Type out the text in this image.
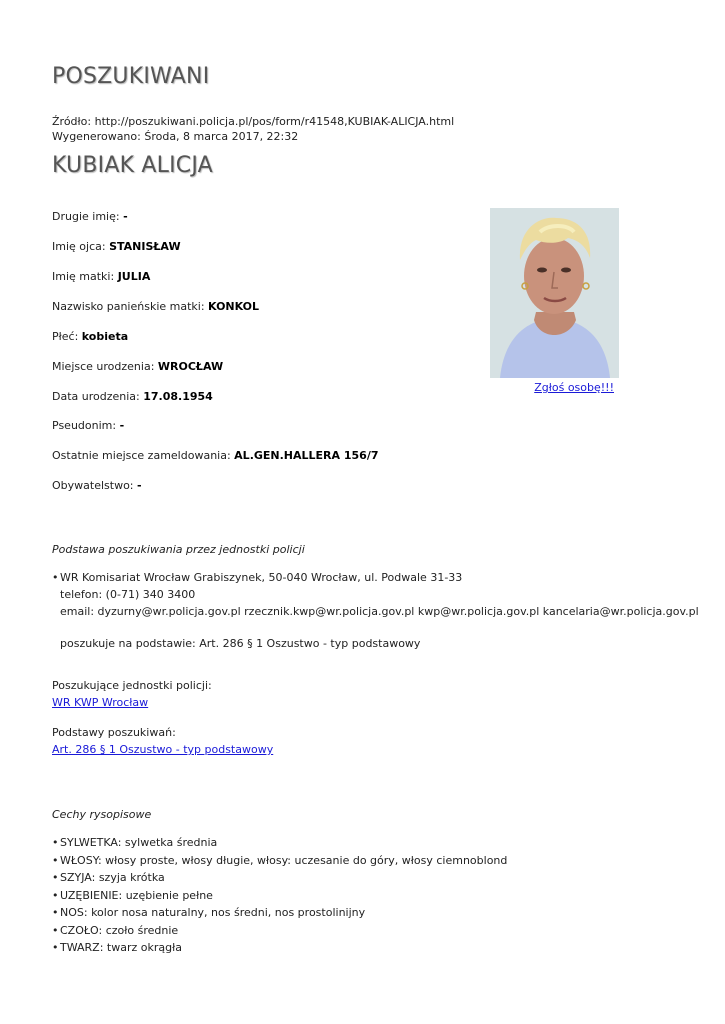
POSZUKIWANI
Źródło: http://poszukiwani.policja.pl/pos/form/r41548,KUBIAK-ALICJA.html
Wygenerowano: Środa, 8 marca 2017, 22:32
KUBIAK ALICJA
Drugie imię: -
Imię ojca: STANISŁAW
Imię matki: JULIA
Nazwisko panieńskie matki: KONKOL
Płeć: kobieta
Miejsce urodzenia: WROCŁAW
Data urodzenia: 17.08.1954
Pseudonim: -
Ostatnie miejsce zameldowania: AL.GEN.HALLERA 156/7
Obywatelstwo: -
Zgłoś osobę!!!
Podstawa poszukiwania przez jednostki policji
• WR Komisariat Wrocław Grabiszynek, 50-040 Wrocław, ul. Podwale 31-33
telefon: (0-71) 340 3400
email: dyzurny@wr.policja.gov.pl rzecznik.kwp@wr.policja.gov.pl kwp@wr.policja.gov.pl kancelaria@wr.policja.gov.pl
poszukuje na podstawie: Art. 286 § 1 Oszustwo - typ podstawowy
Poszukujące jednostki policji:
WR KWP Wrocław
Podstawy poszukiwań:
Art. 286 § 1 Oszustwo - typ podstawowy
Cechy rysopisowe
• SYLWETKA: sylwetka średnia
• WŁOSY: włosy proste, włosy długie, włosy: uczesanie do góry, włosy ciemnoblond
• SZYJA: szyja krótka
• UZĘBIENIE: uzębienie pełne
• NOS: kolor nosa naturalny, nos średni, nos prostolinijny
• CZOŁO: czoło średnie
• TWARZ: twarz okrągła
